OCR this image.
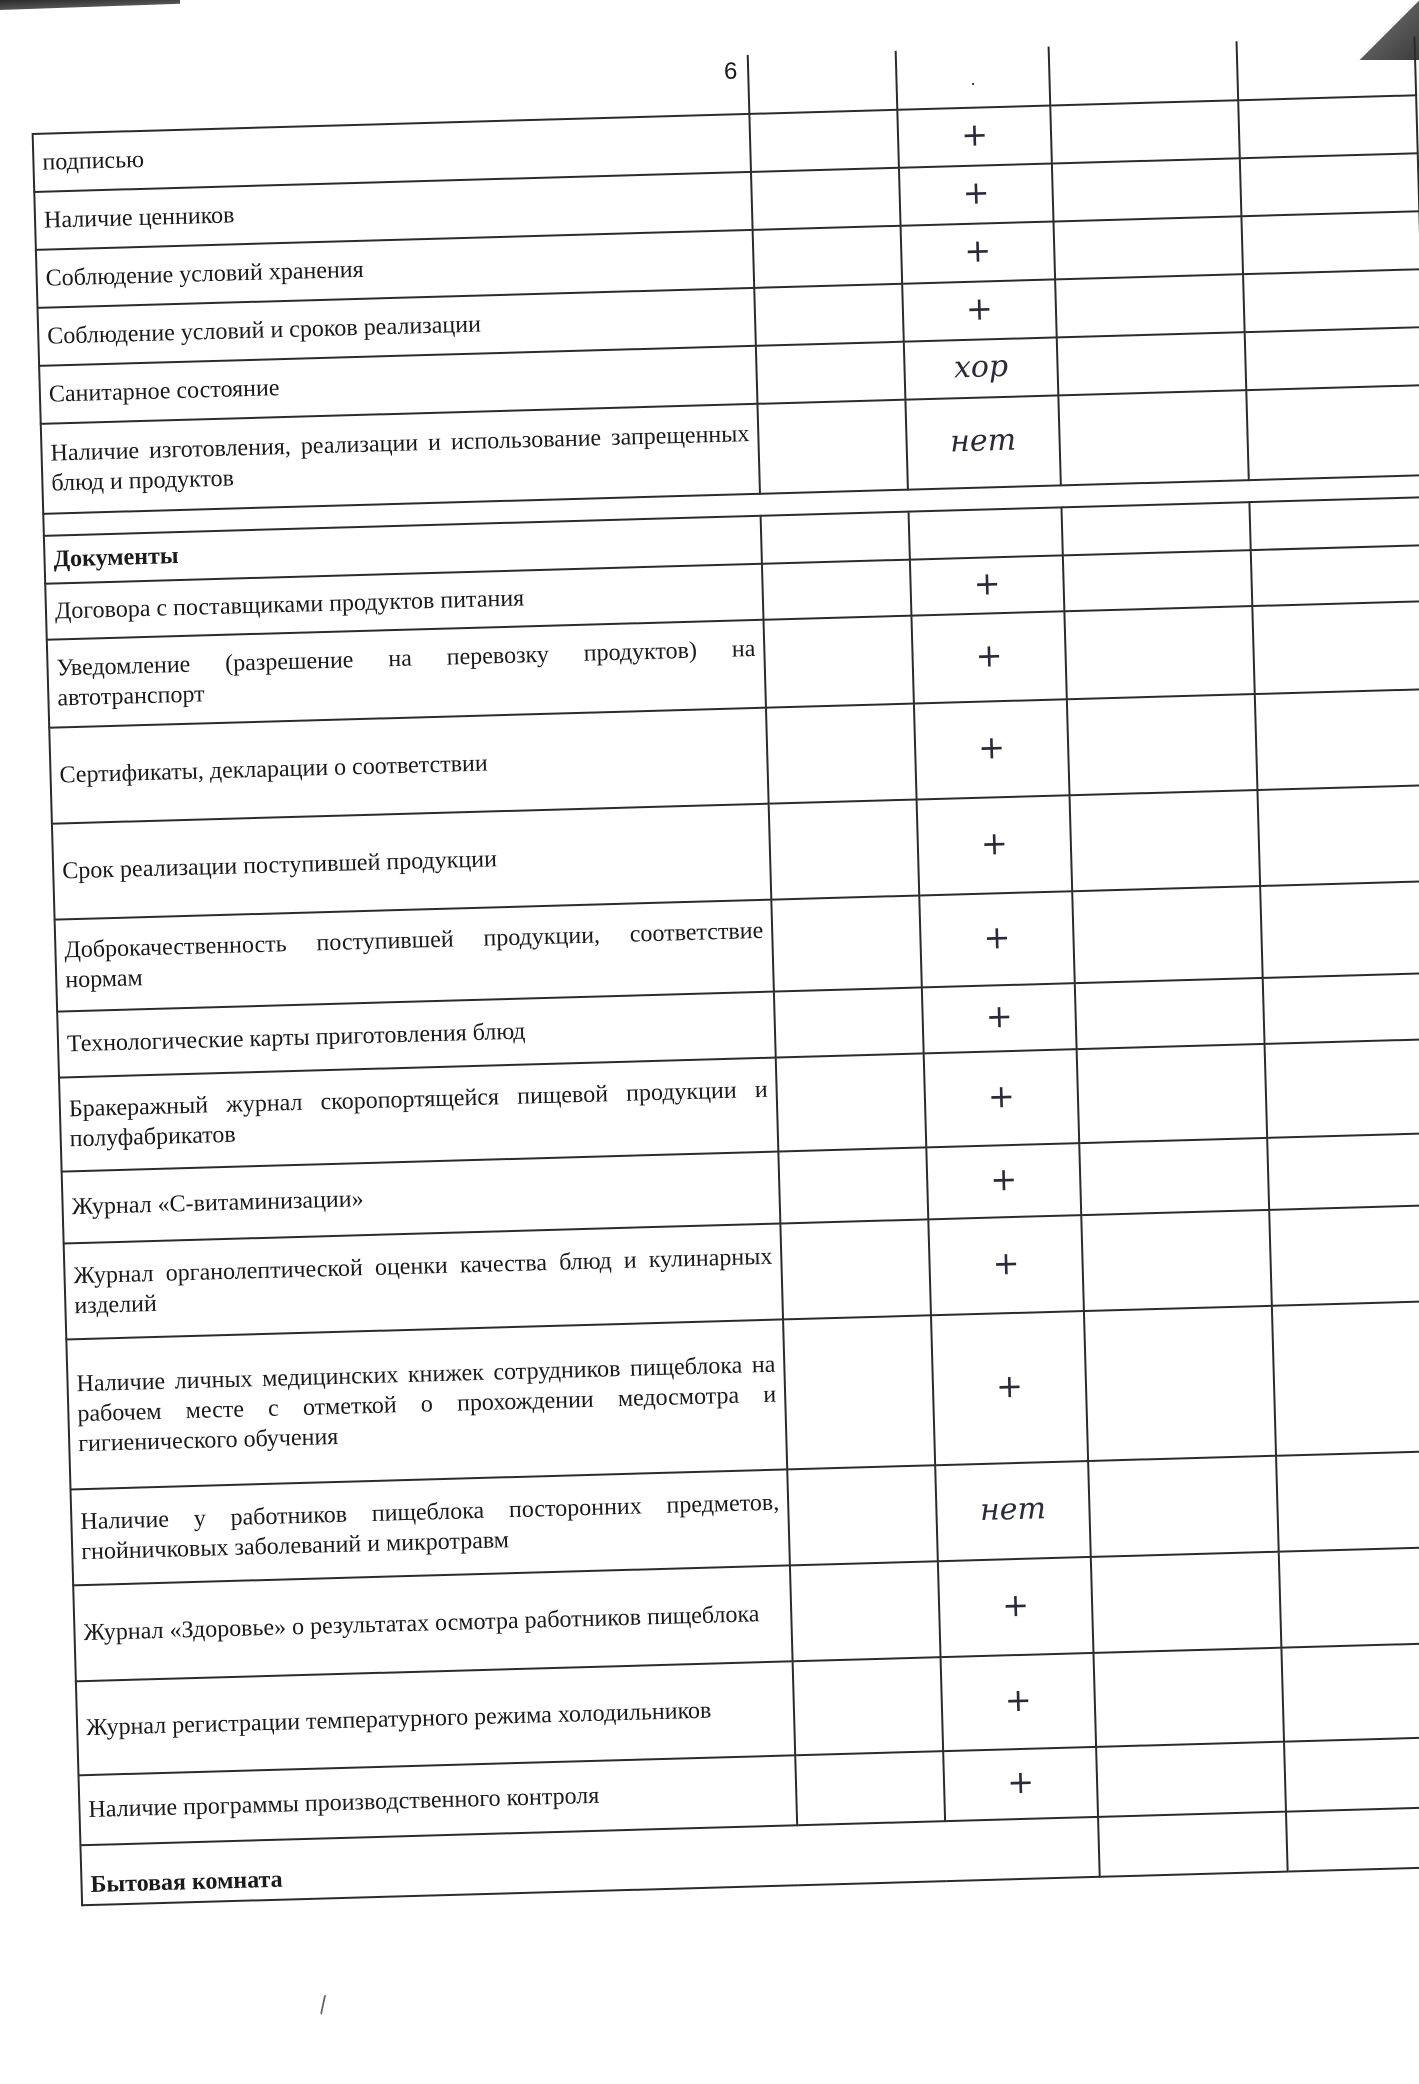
6
			.		
подписью		+		
Наличие ценников		+		
Соблюдение условий хранения		+		
Соблюдение условий и сроков реализации		+		
Санитарное состояние		хор		
Наличие изготовления, реализации и использование запрещенных блюд и продуктов		нет		

Документы				
Договора с поставщиками продуктов питания		+		
Уведомление (разрешение на перевозку продуктов) на автотранспорт		+		
Сертификаты, декларации о соответствии		+		
Срок реализации поступившей продукции		+		
Доброкачественность поступившей продукции, соответствие нормам		+		
Технологические карты приготовления блюд		+		
Бракеражный журнал скоропортящейся пищевой продукции и полуфабрикатов		+		
Журнал «С-витаминизации»		+		
Журнал органолептической оценки качества блюд и кулинарных изделий		+		
Наличие личных медицинских книжек сотрудников пищеблока на рабочем месте с отметкой о прохождении медосмотра и гигиенического обучения		+		
Наличие у работников пищеблока посторонних предметов, гнойничковых заболеваний и микротравм		нет		
Журнал «Здоровье» о результатах осмотра работников пищеблока		+		
Журнал регистрации температурного режима холодильников		+		
Наличие программы производственного контроля		+		
Бытовая комната				
